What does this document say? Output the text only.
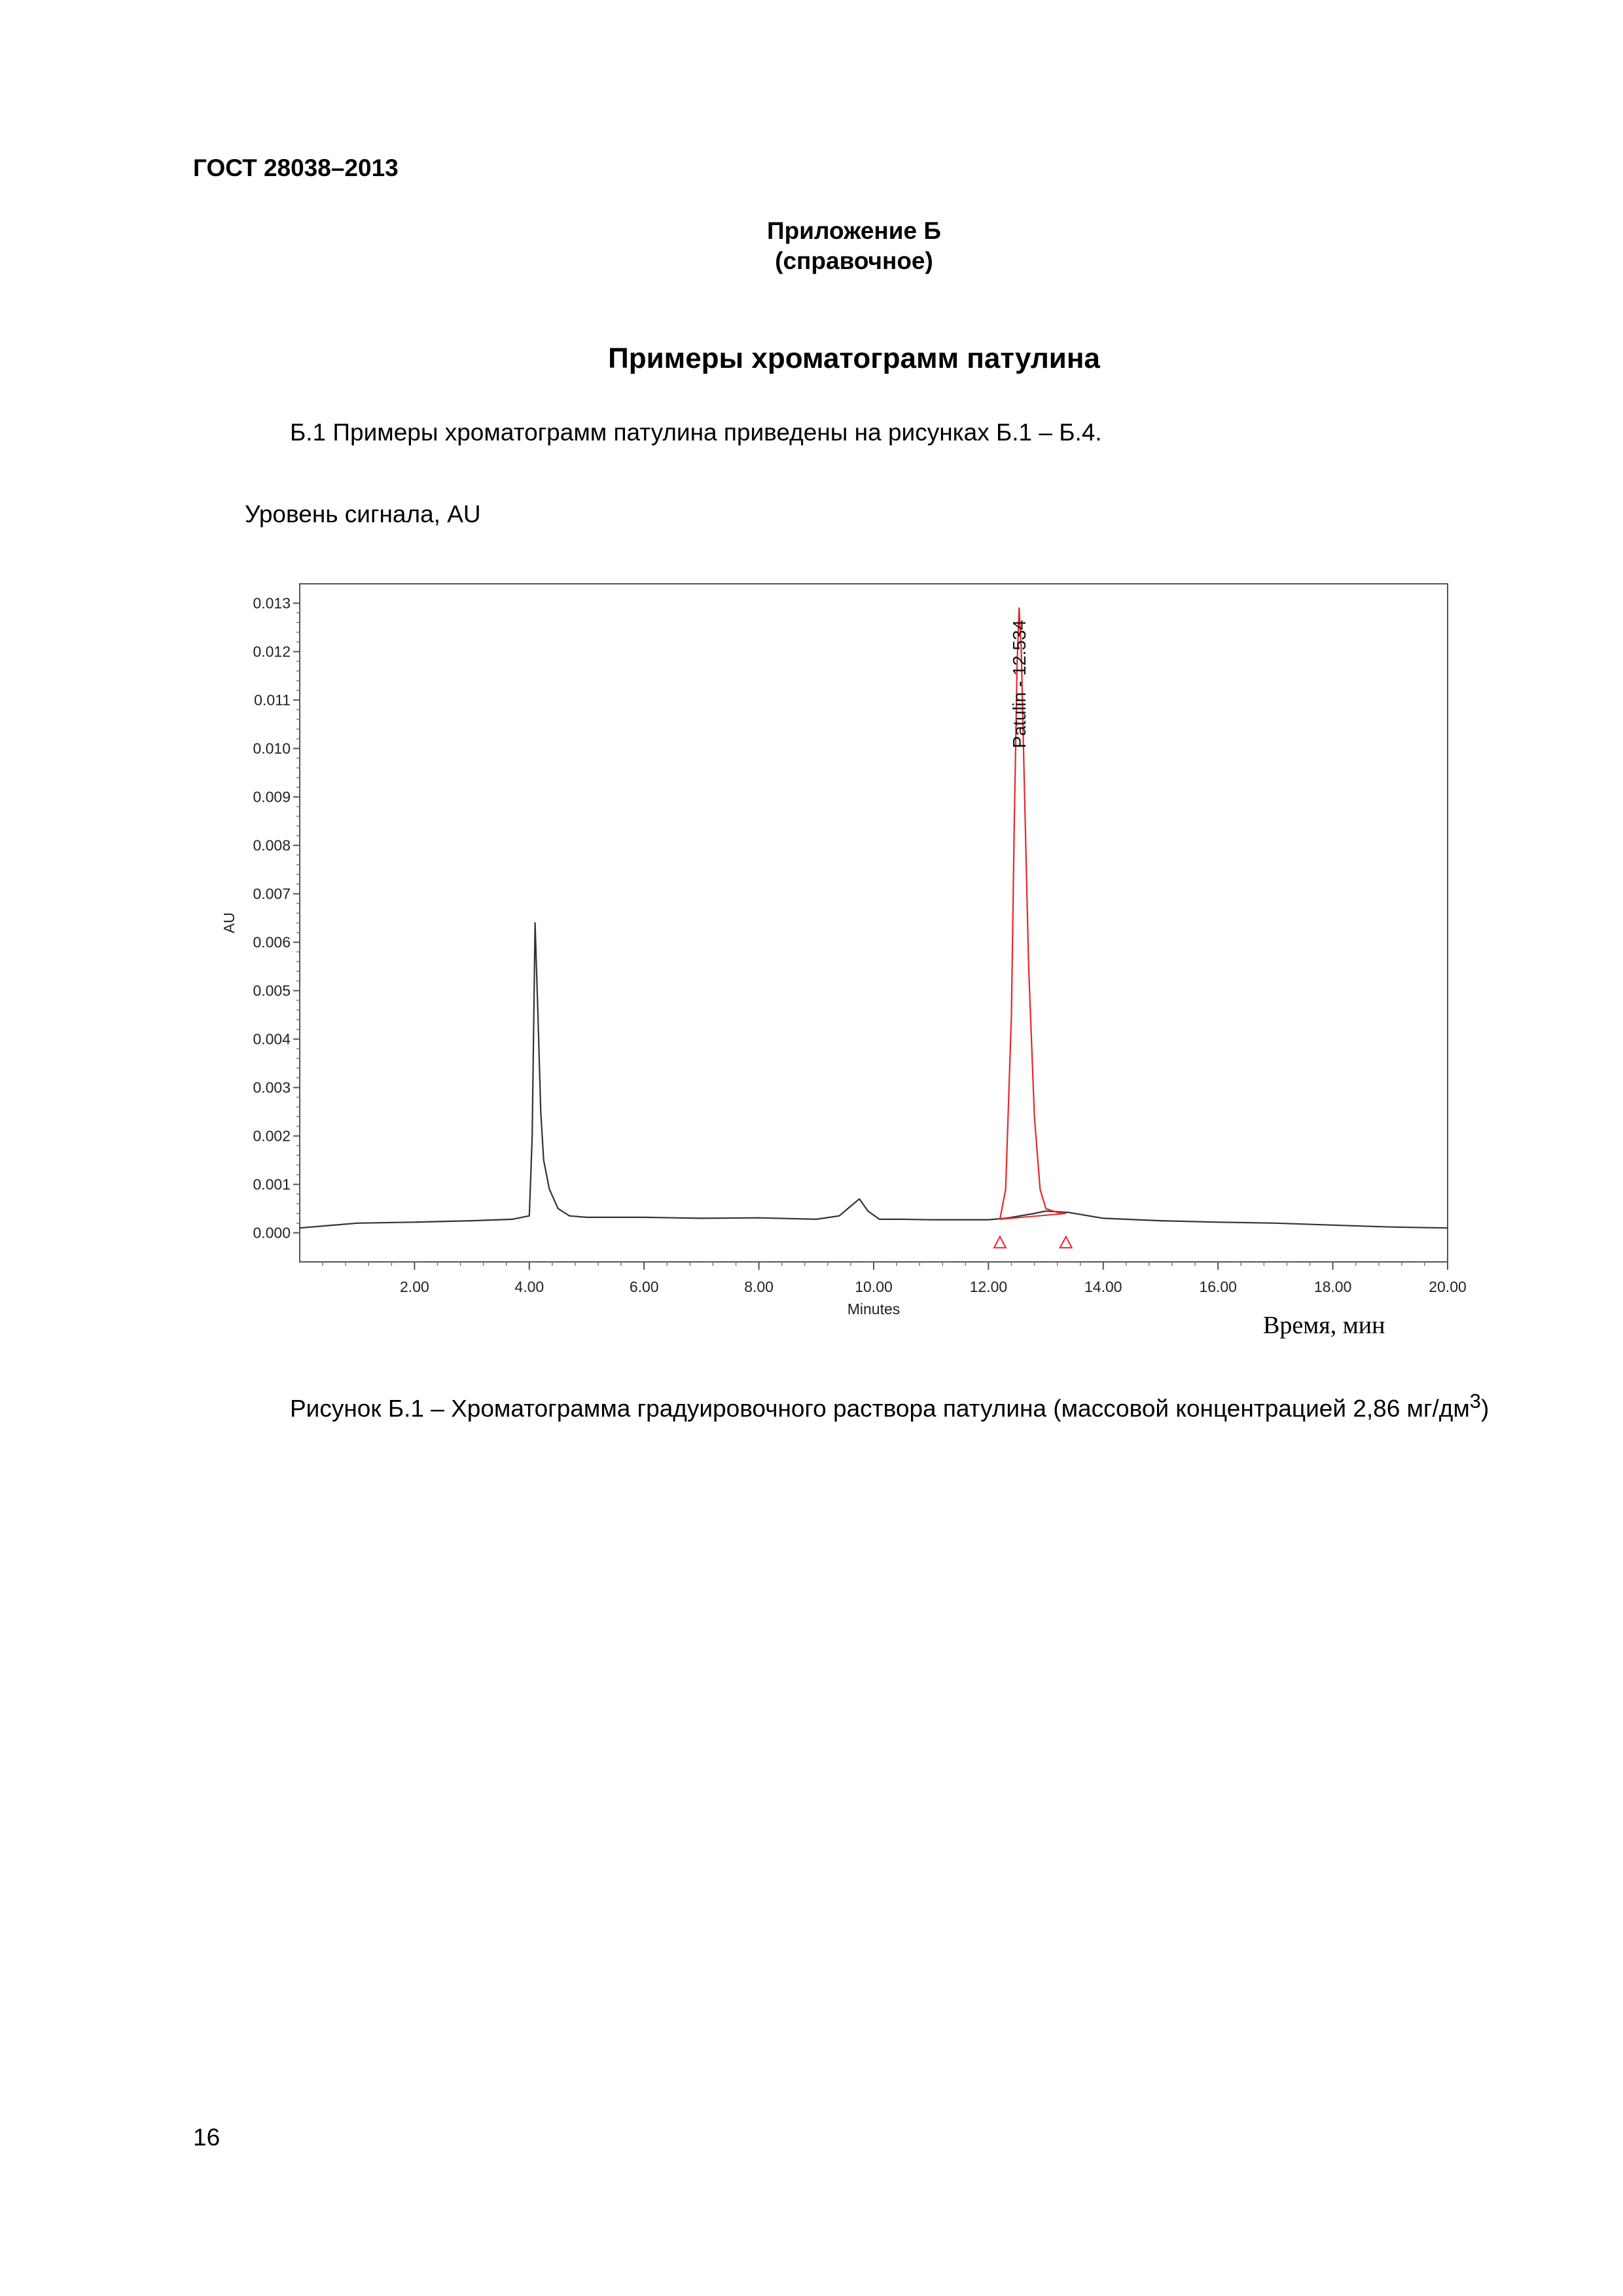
ГОСТ 28038–2013
Приложение Б
(справочное)
Примеры хроматограмм патулина
Б.1 Примеры хроматограмм патулина приведены на рисунках Б.1 – Б.4.
Уровень сигнала, AU
0.000
0.001
0.002
0.003
0.004
0.005
0.006
0.007
0.008
0.009
0.010
0.011
0.012
0.013
2.00	4.00	6.00	8.00	10.00	12.00	14.00	16.00	18.00	20.00
Minutes
AU
Patulin - 12.534
Время, мин
Рисунок Б.1 – Хроматограмма градуировочного раствора патулина (массовой концентрацией 2,86 $мг/дм^3$)
16
